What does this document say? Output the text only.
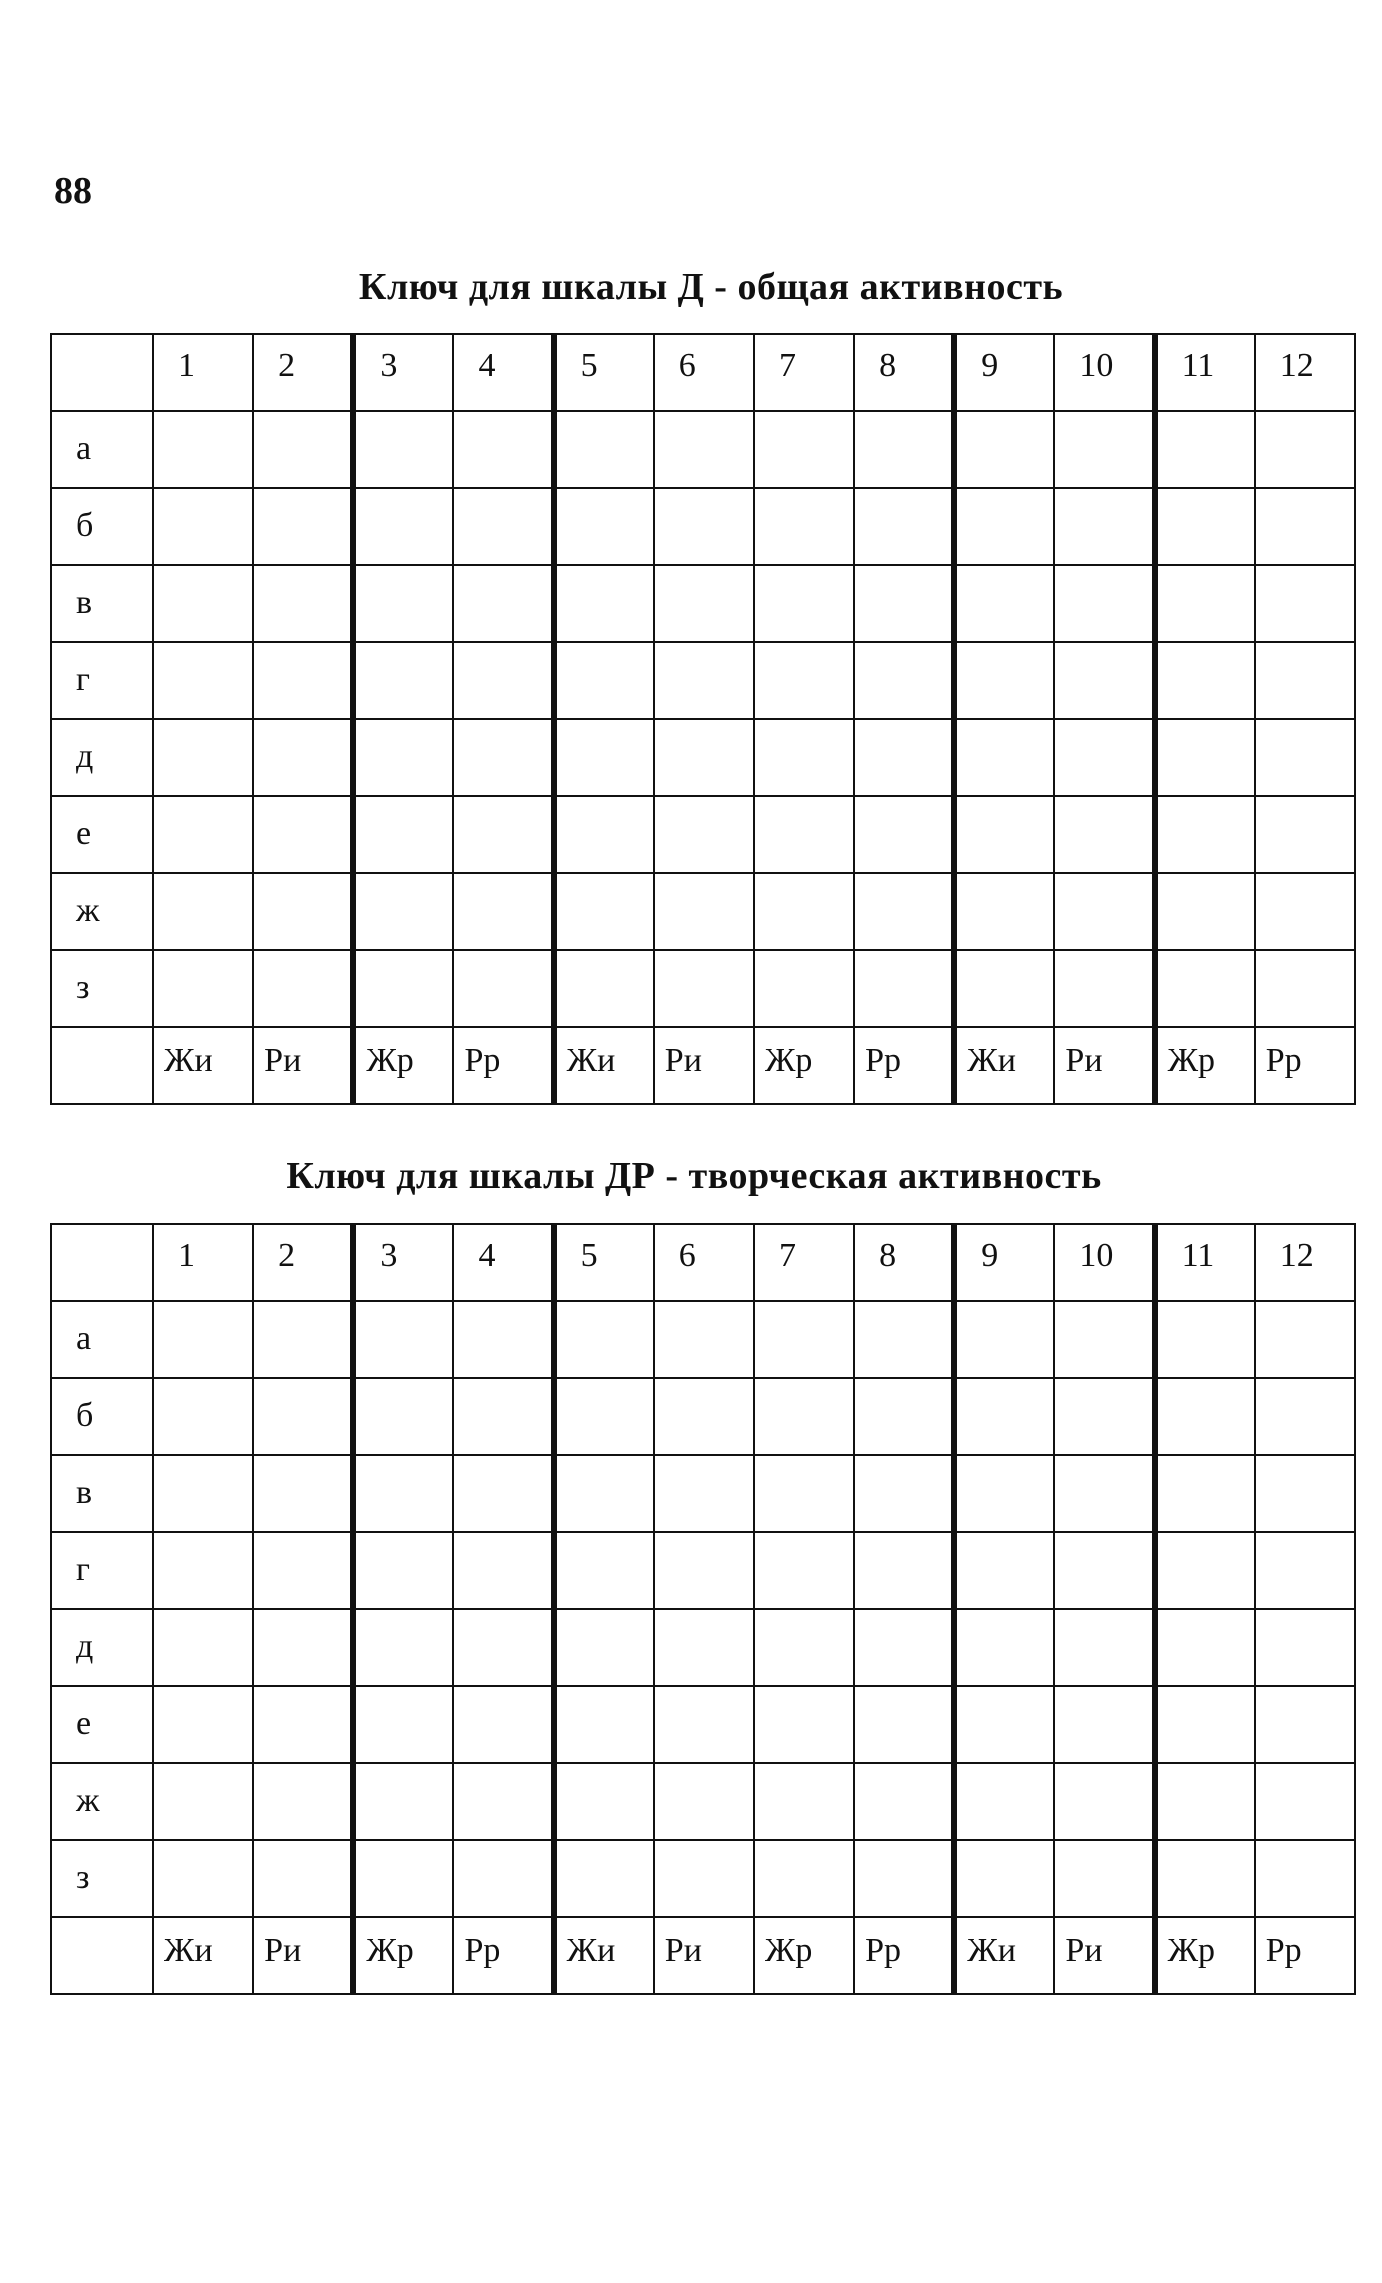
88
Ключ для шкалы Д - общая активность
	1	2	3	4	5	6	7	8	9	10	11	12
а												
б												
в												
г												
д												
е												
ж												
з												
	Жи	Ри	Жр	Рр	Жи	Ри	Жр	Рр	Жи	Ри	Жр	Рр
Ключ для шкалы ДР - творческая активность
	1	2	3	4	5	6	7	8	9	10	11	12
а												
б												
в												
г												
д												
е												
ж												
з												
	Жи	Ри	Жр	Рр	Жи	Ри	Жр	Рр	Жи	Ри	Жр	Рр
